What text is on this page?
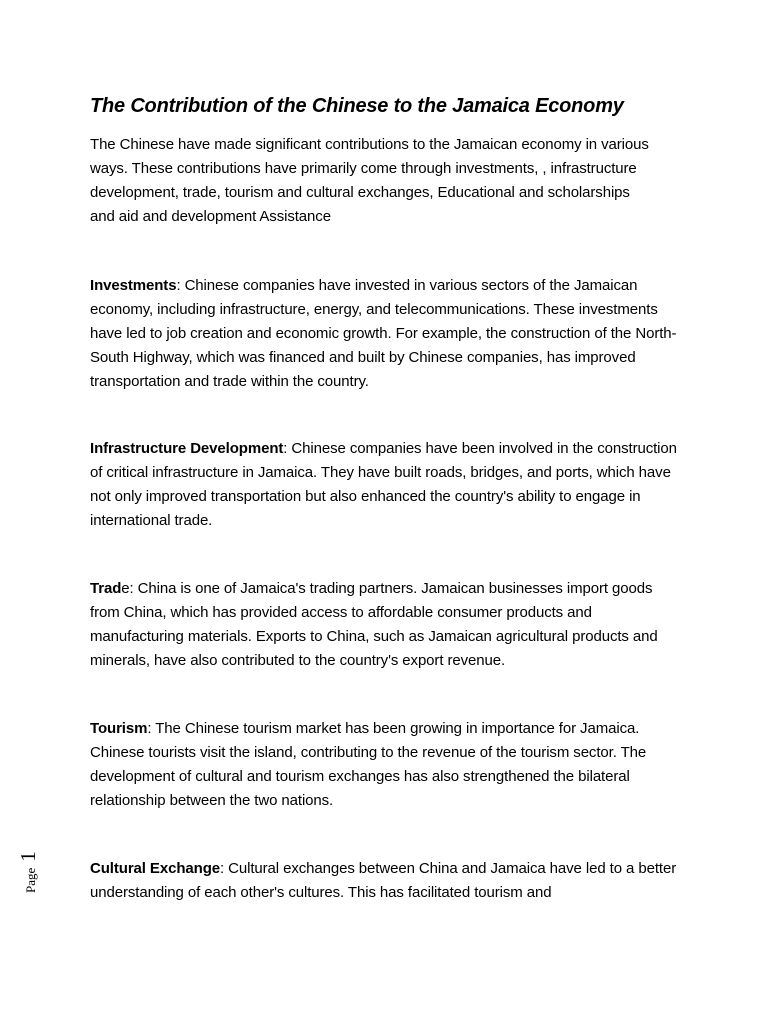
The Contribution of the Chinese to the Jamaica Economy

The Chinese have made significant contributions to the Jamaican economy in various ways. These contributions have primarily come through investments, , infrastructure development, trade, tourism and cultural exchanges, Educational and scholarships and aid and development Assistance

Investments: Chinese companies have invested in various sectors of the Jamaican economy, including infrastructure, energy, and telecommunications. These investments have led to job creation and economic growth. For example, the construction of the North-South Highway, which was financed and built by Chinese companies, has improved transportation and trade within the country.

Infrastructure Development: Chinese companies have been involved in the construction of critical infrastructure in Jamaica. They have built roads, bridges, and ports, which have not only improved transportation but also enhanced the country's ability to engage in international trade.

Trade: China is one of Jamaica's trading partners. Jamaican businesses import goods from China, which has provided access to affordable consumer products and manufacturing materials. Exports to China, such as Jamaican agricultural products and minerals, have also contributed to the country's export revenue.

Tourism: The Chinese tourism market has been growing in importance for Jamaica. Chinese tourists visit the island, contributing to the revenue of the tourism sector. The development of cultural and tourism exchanges has also strengthened the bilateral relationship between the two nations.

Cultural Exchange: Cultural exchanges between China and Jamaica have led to a better understanding of each other's cultures. This has facilitated tourism and

Page 1
